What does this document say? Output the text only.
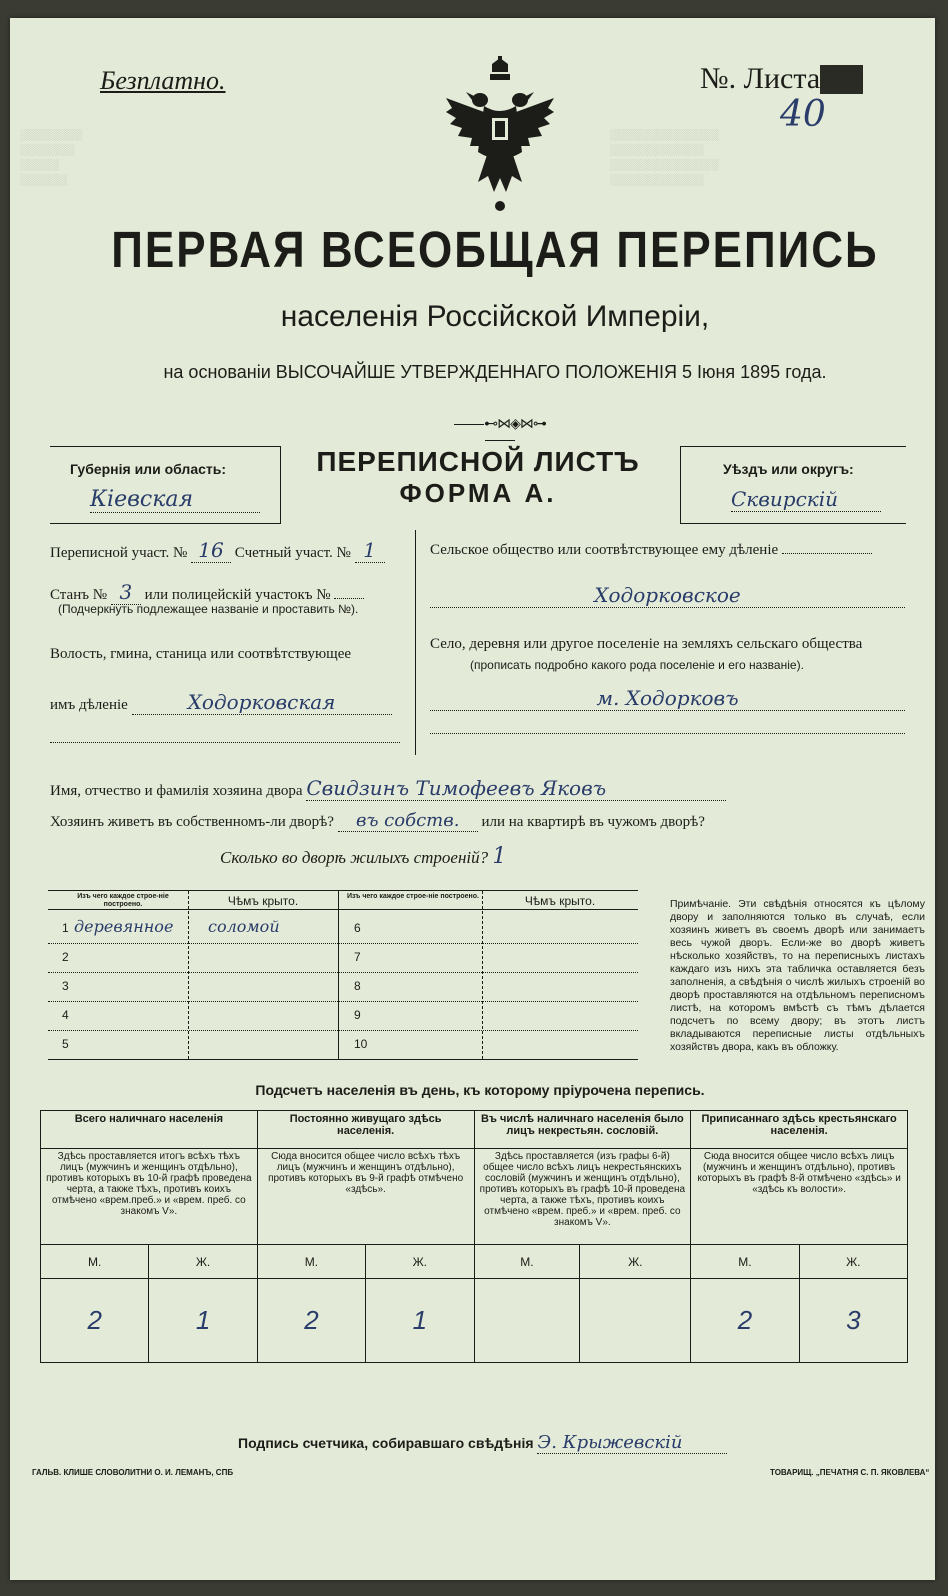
░░░░░░░░
░░░░░░░
░░░░░
░░░░░░
░░░░░░░░░░░░░░
░░░░░░░░░░░░
░░░░░░░░░░░░░░
░░░░░░░░░░░░
Безплатно.	№. Листа241
40
ПЕРВАЯ ВСЕОБЩАЯ ПЕРЕПИСЬ
населенія Россійской Имперіи,
на основаніи ВЫСОЧАЙШЕ УТВЕРЖДЕННАГО ПОЛОЖЕНІЯ 5 Іюня 1895 года.
⊷⋈◈⋈⊶
Губернія или область:
Кіевская
ПЕРЕПИСНОЙ ЛИСТЪ
ФОРМА А.
Уѣздъ или округъ:
Сквирскій
Переписной участ. № 16 Счетный участ. № 1
Станъ № 3 или полицейскій участокъ №
(Подчеркнуть подлежащее названіе и проставить №).
Волость, гмина, станица или соотвѣтствующее
имъ дѣленіе	Ходорковская
Сельское общество или соотвѣтствующее ему дѣленіе
Ходорковское
Село, деревня или другое поселеніе на земляхъ сельскаго общества
(прописать подробно какого рода поселеніе и его названіе).
м. Ходорковъ
Имя, отчество и фамилія хозяина двора Свидзинъ Тимофеевъ Яковъ
Хозяинъ живетъ въ собственномъ-ли дворѣ? въ собств. или на квартирѣ въ чужомъ дворѣ?
Сколько во дворѣ жилыхъ строеній? 1
Изъ чего каждое строе-ніе построено.	Чѣмъ крыто.	Изъ чего каждое строе-ніе построено.	Чѣмъ крыто.
1 деревянное соломой
2
3
4
5
6
7
8
9
10
Примѣчаніе. Эти свѣдѣнія относятся къ цѣлому двору и заполняются только въ случаѣ, если хозяинъ живетъ въ своемъ дворѣ или занимаетъ весь чужой дворъ. Если-же во дворѣ живетъ нѣсколько хозяйствъ, то на переписныхъ листахъ каждаго изъ нихъ эта табличка оставляется безъ заполненія, а свѣдѣнія о числѣ жилыхъ строеній во дворѣ проставляются на отдѣльномъ переписномъ листѣ, на которомъ вмѣстѣ съ тѣмъ дѣлается подсчетъ по всему двору; въ этотъ листъ вкладываются переписные листы отдѣльныхъ хозяйствъ двора, какъ въ обложку.
Подсчетъ населенія въ день, къ которому пріурочена перепись.
Всего наличнаго населенія		Постоянно живущаго здѣсь населенія.		Въ числѣ наличнаго населенія было лицъ некрестьян. сословій.		Приписаннаго здѣсь крестьянскаго населенія.	
Здѣсь проставляется итогъ всѣхъ тѣхъ лицъ (мужчинъ и женщинъ отдѣльно), противъ которыхъ въ 10-й графѣ проведена черта, а также тѣхъ, противъ коихъ отмѣчено «врем.преб.» и «врем. преб. со знакомъ V».		Сюда вносится общее число всѣхъ тѣхъ лицъ (мужчинъ и женщинъ отдѣльно), противъ которыхъ въ 9-й графѣ отмѣчено «здѣсь».		Здѣсь проставляется (изъ графы 6-й) общее число всѣхъ лицъ некрестьянскихъ сословій (мужчинъ и женщинъ отдѣльно), противъ которыхъ въ графѣ 10-й проведена черта, а также тѣхъ, противъ коихъ отмѣчено «врем. преб.» и «врем. преб. со знакомъ V».		Сюда вносится общее число всѣхъ лицъ (мужчинъ и женщинъ отдѣльно), противъ которыхъ въ графѣ 8-й отмѣчено «здѣсь» и «здѣсь къ волости».	
М.	Ж.	М.	Ж.	М.	Ж.	М.	Ж.
2	1	2	1			2	3
Подпись счетчика, собиравшаго свѣдѣнія Э. Крыжевскій
ГАЛЬВ. КЛИШЕ СЛОВОЛИТНИ О. И. ЛЕМАНЪ, СПБ	ТОВАРИЩ. „ПЕЧАТНЯ С. П. ЯКОВЛЕВА“
